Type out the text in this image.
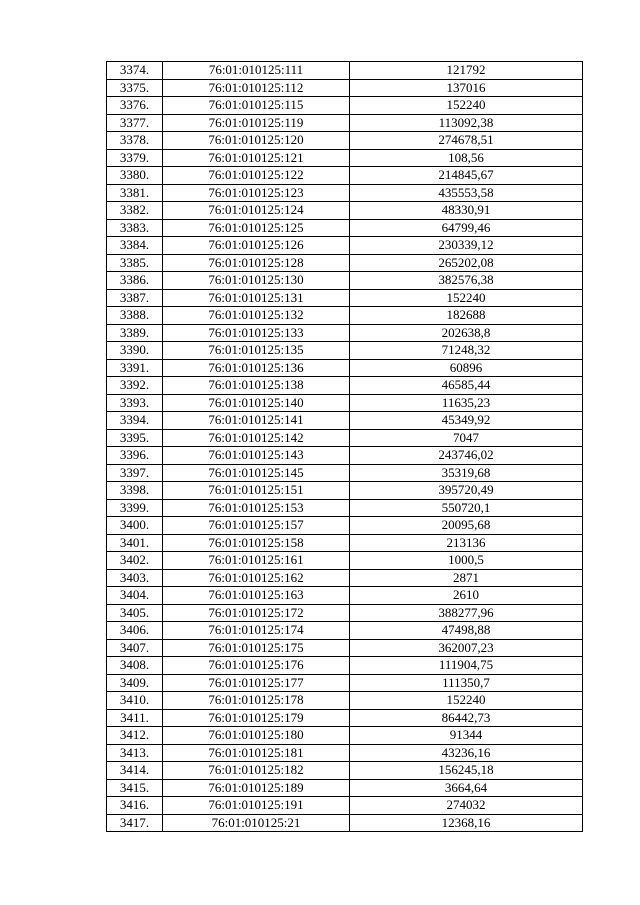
3374.	76:01:010125:111	121792
3375.	76:01:010125:112	137016
3376.	76:01:010125:115	152240
3377.	76:01:010125:119	113092,38
3378.	76:01:010125:120	274678,51
3379.	76:01:010125:121	108,56
3380.	76:01:010125:122	214845,67
3381.	76:01:010125:123	435553,58
3382.	76:01:010125:124	48330,91
3383.	76:01:010125:125	64799,46
3384.	76:01:010125:126	230339,12
3385.	76:01:010125:128	265202,08
3386.	76:01:010125:130	382576,38
3387.	76:01:010125:131	152240
3388.	76:01:010125:132	182688
3389.	76:01:010125:133	202638,8
3390.	76:01:010125:135	71248,32
3391.	76:01:010125:136	60896
3392.	76:01:010125:138	46585,44
3393.	76:01:010125:140	11635,23
3394.	76:01:010125:141	45349,92
3395.	76:01:010125:142	7047
3396.	76:01:010125:143	243746,02
3397.	76:01:010125:145	35319,68
3398.	76:01:010125:151	395720,49
3399.	76:01:010125:153	550720,1
3400.	76:01:010125:157	20095,68
3401.	76:01:010125:158	213136
3402.	76:01:010125:161	1000,5
3403.	76:01:010125:162	2871
3404.	76:01:010125:163	2610
3405.	76:01:010125:172	388277,96
3406.	76:01:010125:174	47498,88
3407.	76:01:010125:175	362007,23
3408.	76:01:010125:176	111904,75
3409.	76:01:010125:177	111350,7
3410.	76:01:010125:178	152240
3411.	76:01:010125:179	86442,73
3412.	76:01:010125:180	91344
3413.	76:01:010125:181	43236,16
3414.	76:01:010125:182	156245,18
3415.	76:01:010125:189	3664,64
3416.	76:01:010125:191	274032
3417.	76:01:010125:21	12368,16
